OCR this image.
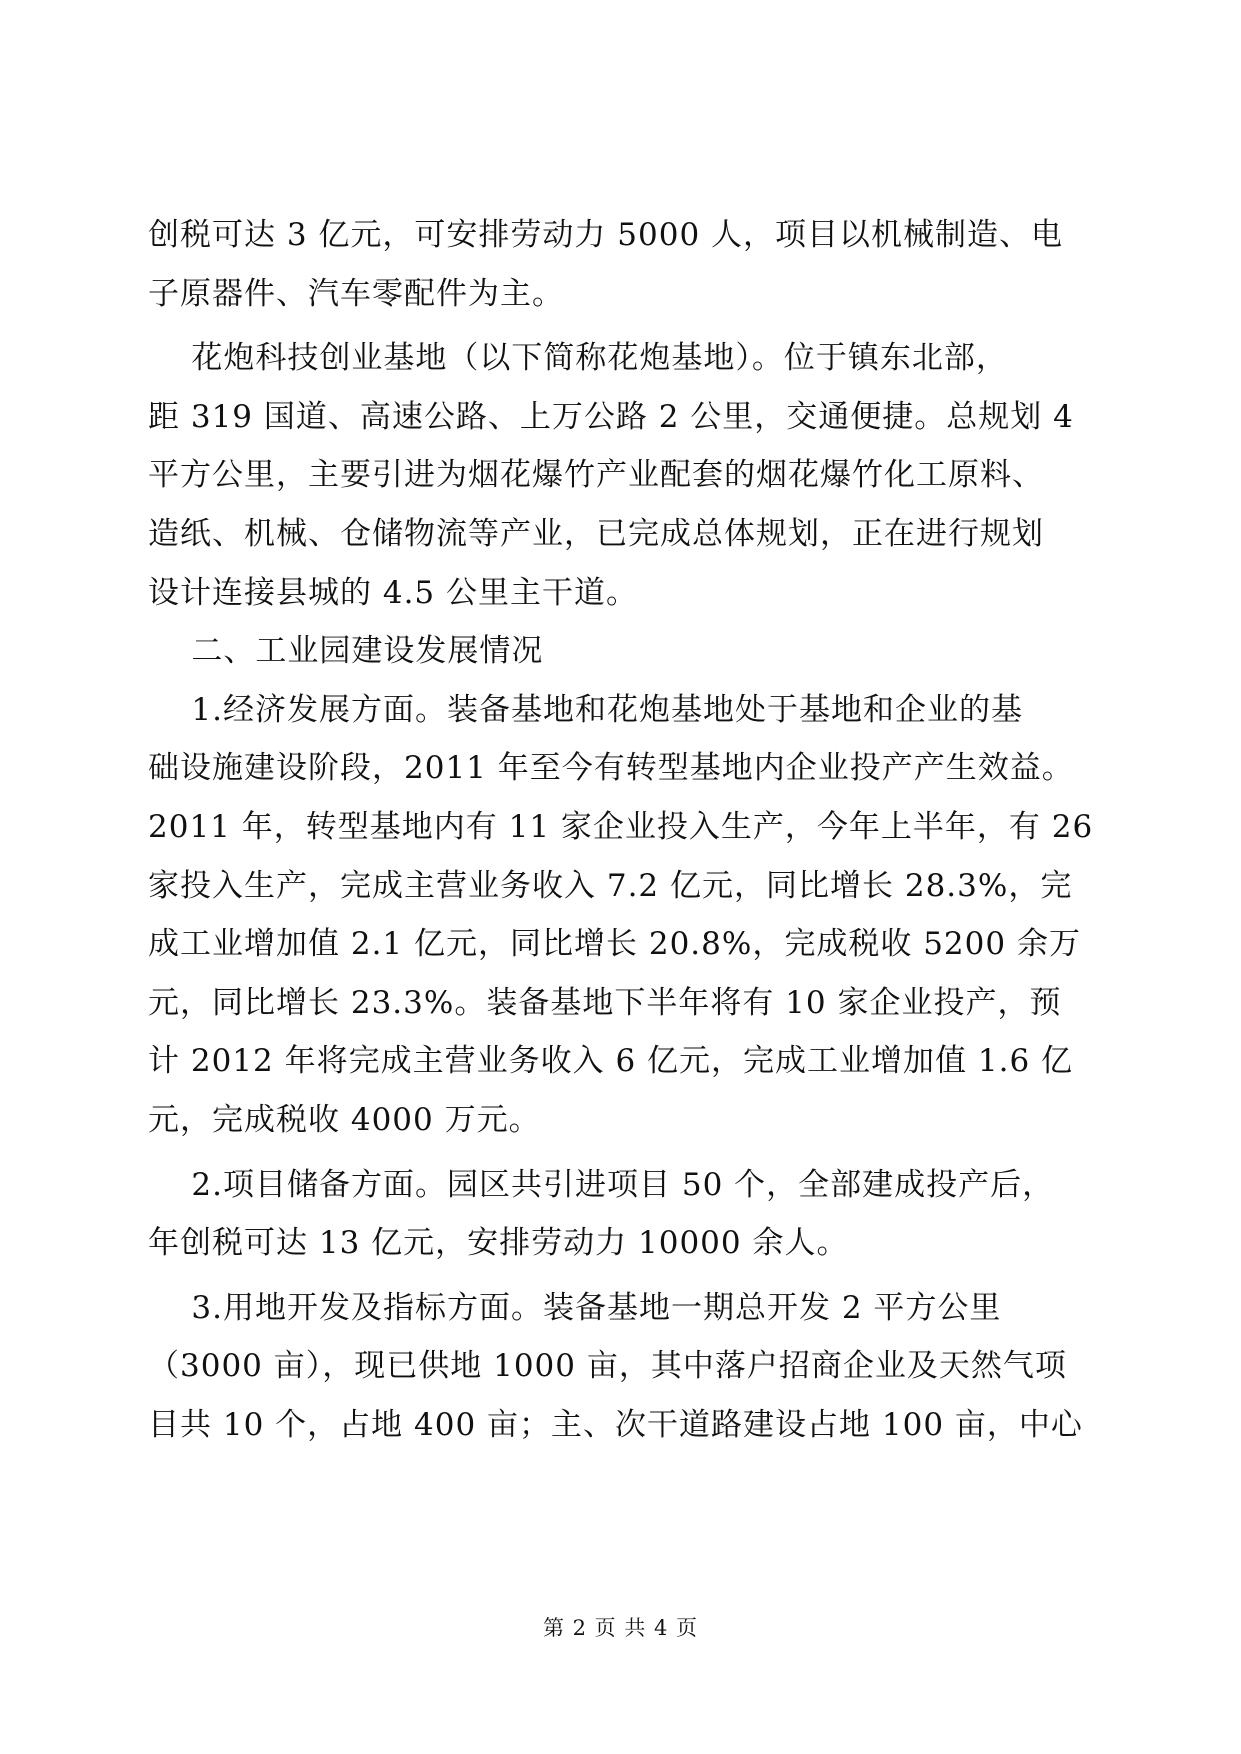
创税可达 3 亿元，可安排劳动力 5000 人，项目以机械制造、电
子原器件、汽车零配件为主。
花炮科技创业基地（以下简称花炮基地）。位于镇东北部，
距 319 国道、高速公路、上万公路 2 公里，交通便捷。总规划 4
平方公里，主要引进为烟花爆竹产业配套的烟花爆竹化工原料、
造纸、机械、仓储物流等产业，已完成总体规划，正在进行规划
设计连接县城的 4.5 公里主干道。
二、工业园建设发展情况
1.经济发展方面。装备基地和花炮基地处于基地和企业的基
础设施建设阶段，2011 年至今有转型基地内企业投产产生效益。
2011 年，转型基地内有 11 家企业投入生产，今年上半年，有 26
家投入生产，完成主营业务收入 7.2 亿元，同比增长 28.3%，完
成工业增加值 2.1 亿元，同比增长 20.8%，完成税收 5200 余万
元，同比增长 23.3%。装备基地下半年将有 10 家企业投产，预
计 2012 年将完成主营业务收入 6 亿元，完成工业增加值 1.6 亿
元，完成税收 4000 万元。
2.项目储备方面。园区共引进项目 50 个，全部建成投产后，
年创税可达 13 亿元，安排劳动力 10000 余人。
3.用地开发及指标方面。装备基地一期总开发 2 平方公里
（3000 亩），现已供地 1000 亩，其中落户招商企业及天然气项
目共 10 个，占地 400 亩；主、次干道路建设占地 100 亩，中心
第 2 页 共 4 页
